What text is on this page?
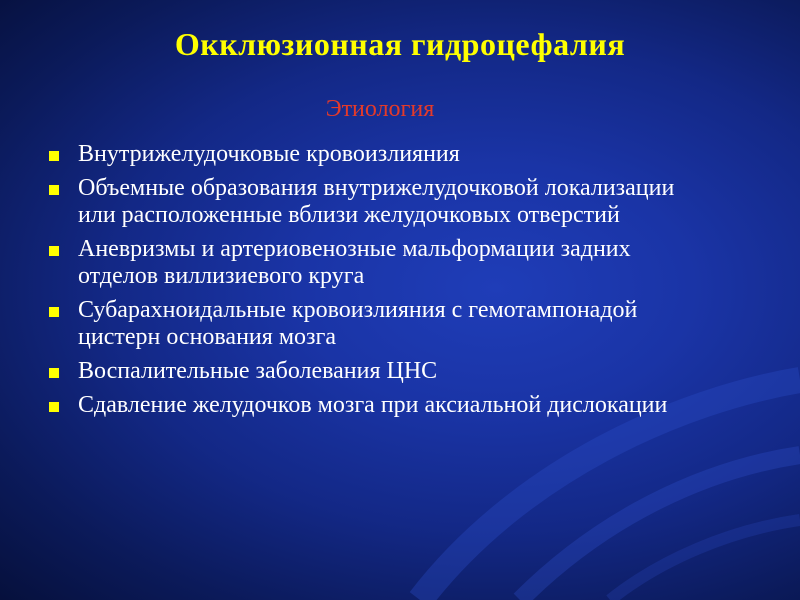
Окклюзионная гидроцефалия
Этиология
Внутрижелудочковые кровоизлияния
Объемные образования внутрижелудочковой локализации или расположенные вблизи желудочковых отверстий
Аневризмы и артериовенозные мальформации задних отделов виллизиевого круга
Субарахноидальные кровоизлияния с гемотампонадой цистерн основания мозга
Воспалительные заболевания ЦНС
Сдавление желудочков мозга при аксиальной дислокации
